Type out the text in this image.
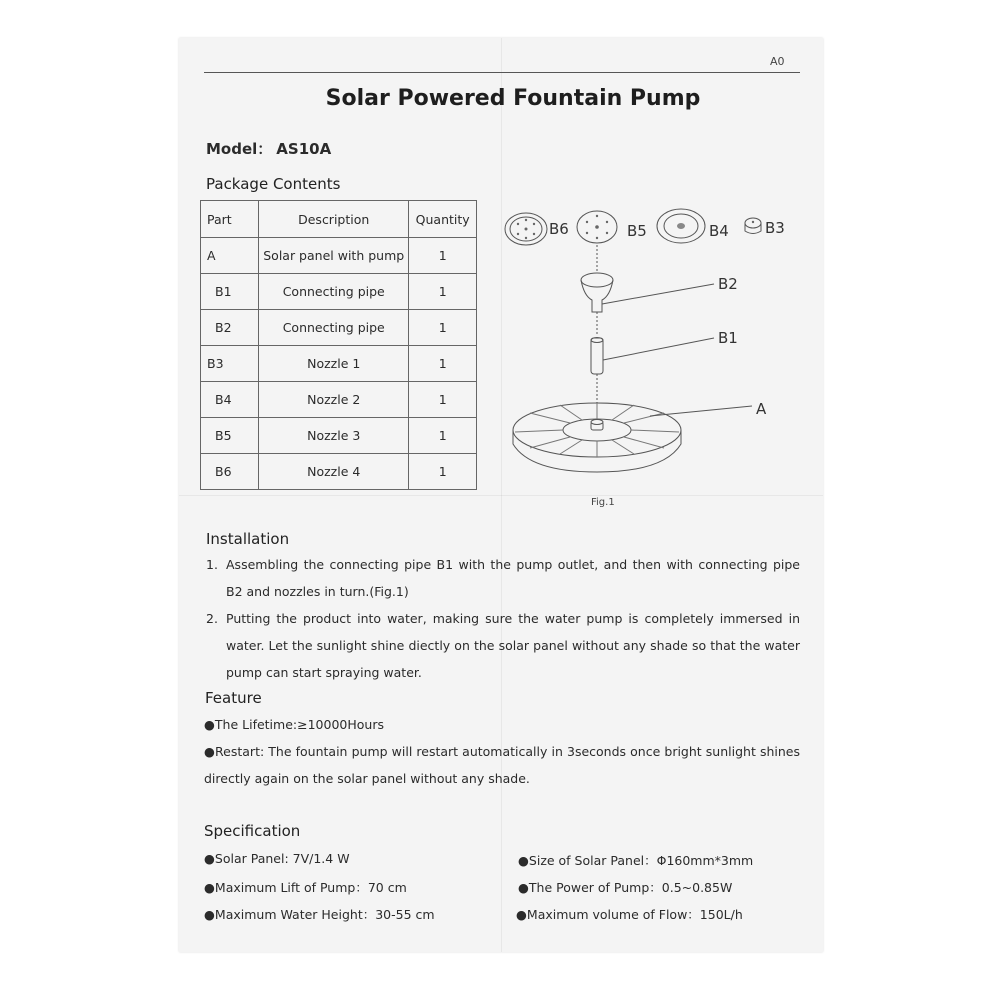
A0
Solar Powered Fountain Pump
Model： AS10A
Package Contents
Part	Description	Quantity
A	Solar panel with pump	1
B1	Connecting pipe	1
B2	Connecting pipe	1
B3	Nozzle 1	1
B4	Nozzle 2	1
B5	Nozzle 3	1
B6	Nozzle 4	1
B6	B5	B4 B3
B2
B1
A
Fig.1
Installation
1. Assembling the connecting pipe B1 with the pump outlet, and then with connecting pipe B2 and nozzles in turn.(Fig.1)
2. Putting the product into water, making sure the water pump is completely immersed in water. Let the sunlight shine diectly on the solar panel without any shade so that the water pump can start spraying water.
Feature
●The Lifetime:≥10000Hours
●Restart: The fountain pump will restart automatically in 3seconds once bright sunlight shines directly again on the solar panel without any shade.
Specification
●Solar Panel: 7V/1.4 W
●Maximum Lift of Pump：70 cm
●Maximum Water Height：30-55 cm
●Size of Solar Panel：Φ160mm*3mm
●The Power of Pump：0.5~0.85W
●Maximum volume of Flow：150L/h
